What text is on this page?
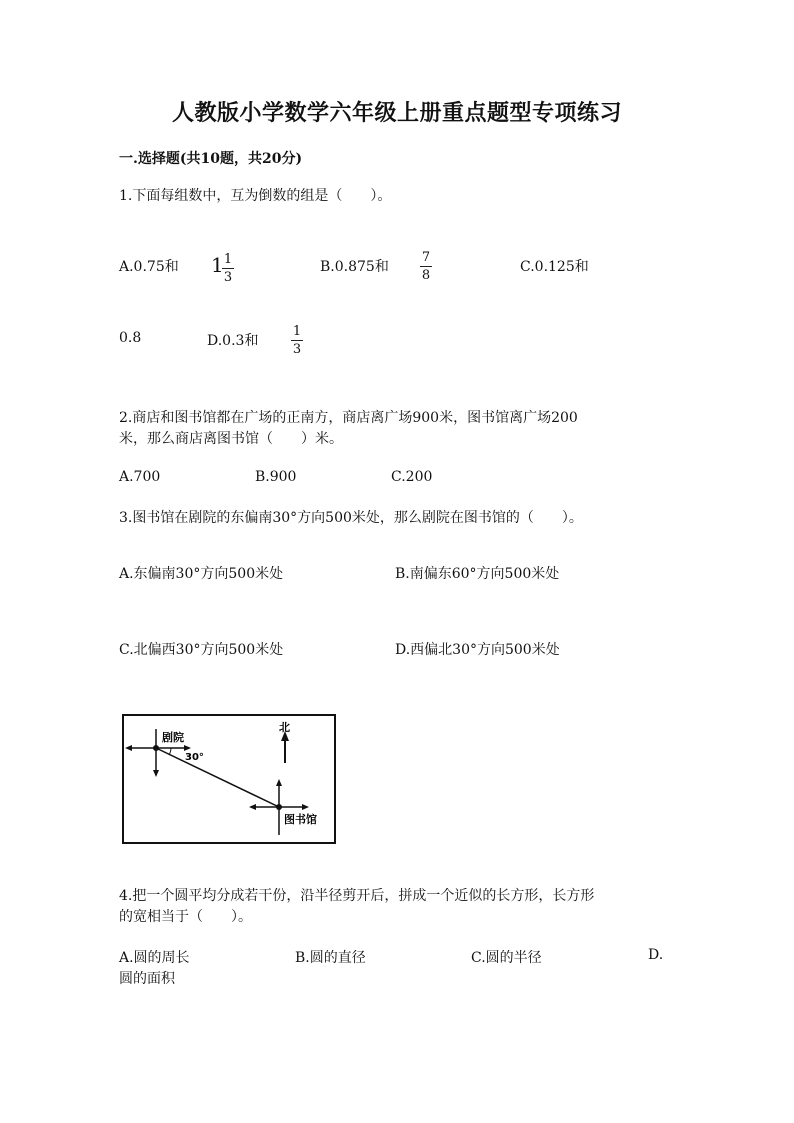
人教版小学数学六年级上册重点题型专项练习
一.选择题(共10题，共20分)
1.下面每组数中，互为倒数的组是（　　）。
A.0.75和 1 1
3
B.0.875和
7
8
C.0.125和
0.8	D.0.3和
1
3
2.商店和图书馆都在广场的正南方，商店离广场900米，图书馆离广场200
米，那么商店离图书馆（　　）米。
A.700	B.900	C.200
3.图书馆在剧院的东偏南30°方向500米处，那么剧院在图书馆的（　　）。
A.东偏南30°方向500米处	B.南偏东60°方向500米处
C.北偏西30°方向500米处	D.西偏北30°方向500米处
剧院
30°
北
图书馆
4.把一个圆平均分成若干份，沿半径剪开后，拼成一个近似的长方形，长方形
的宽相当于（　　）。
A.圆的周长	B.圆的直径	C.圆的半径	D.
圆的面积
